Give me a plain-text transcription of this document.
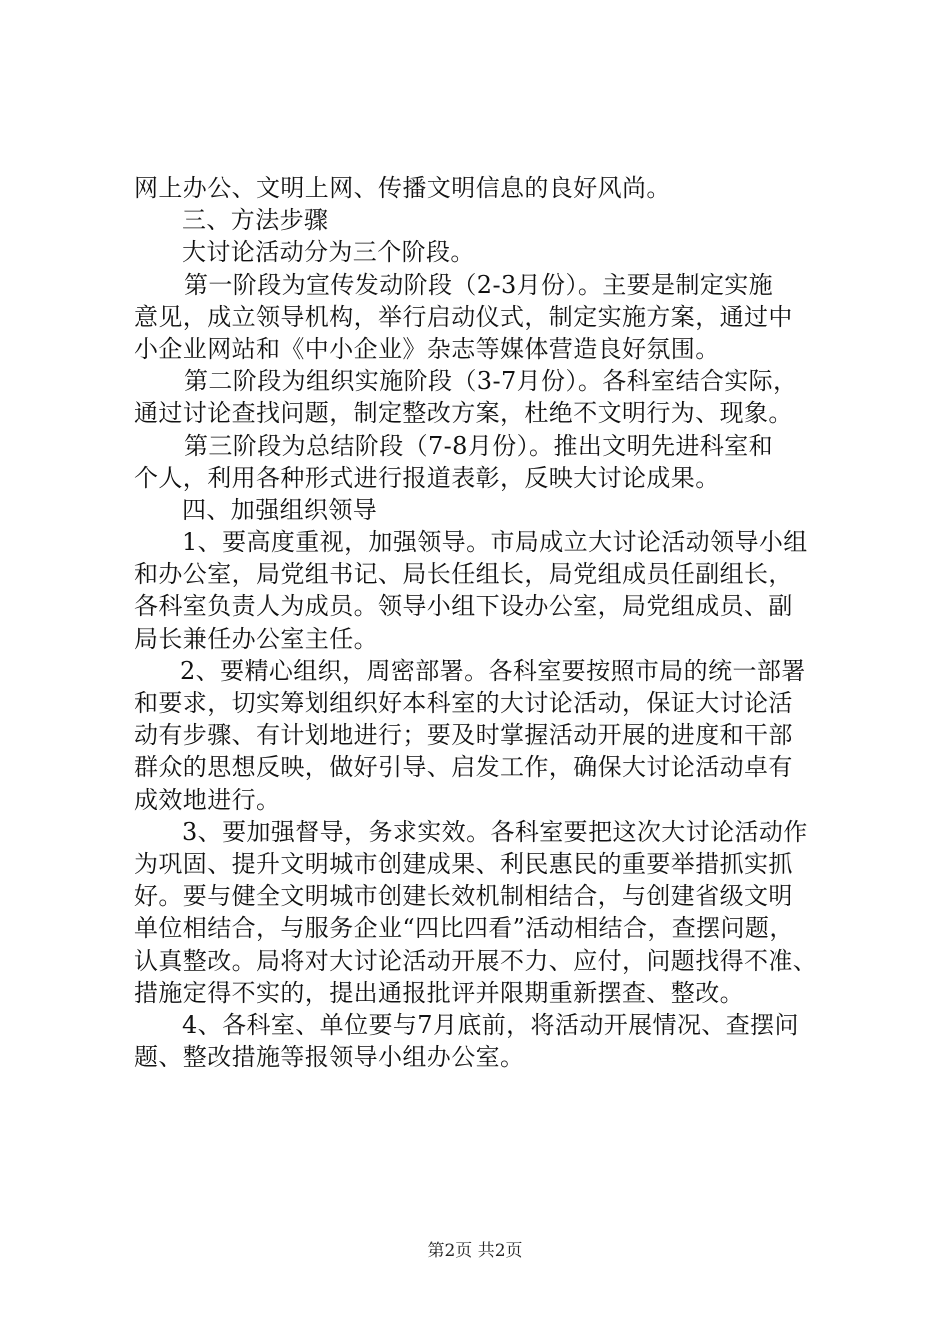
网上办公、文明上网、传播文明信息的良好风尚。
三、方法步骤
大讨论活动分为三个阶段。
第一阶段为宣传发动阶段（2-3月份）。主要是制定实施
意见，成立领导机构，举行启动仪式，制定实施方案，通过中
小企业网站和《中小企业》杂志等媒体营造良好氛围。
第二阶段为组织实施阶段（3-7月份）。各科室结合实际，
通过讨论查找问题，制定整改方案，杜绝不文明行为、现象。
第三阶段为总结阶段（7-8月份）。推出文明先进科室和
个人，利用各种形式进行报道表彰，反映大讨论成果。
四、加强组织领导
1、要高度重视，加强领导。市局成立大讨论活动领导小组
和办公室，局党组书记、局长任组长，局党组成员任副组长，
各科室负责人为成员。领导小组下设办公室，局党组成员、副
局长兼任办公室主任。
2、要精心组织，周密部署。各科室要按照市局的统一部署
和要求，切实筹划组织好本科室的大讨论活动，保证大讨论活
动有步骤、有计划地进行；要及时掌握活动开展的进度和干部
群众的思想反映，做好引导、启发工作，确保大讨论活动卓有
成效地进行。
3、要加强督导，务求实效。各科室要把这次大讨论活动作
为巩固、提升文明城市创建成果、利民惠民的重要举措抓实抓
好。要与健全文明城市创建长效机制相结合，与创建省级文明
单位相结合，与服务企业“四比四看”活动相结合，查摆问题，
认真整改。局将对大讨论活动开展不力、应付，问题找得不准、
措施定得不实的，提出通报批评并限期重新摆查、整改。
4、各科室、单位要与7月底前，将活动开展情况、查摆问
题、整改措施等报领导小组办公室。
第2页 共2页
